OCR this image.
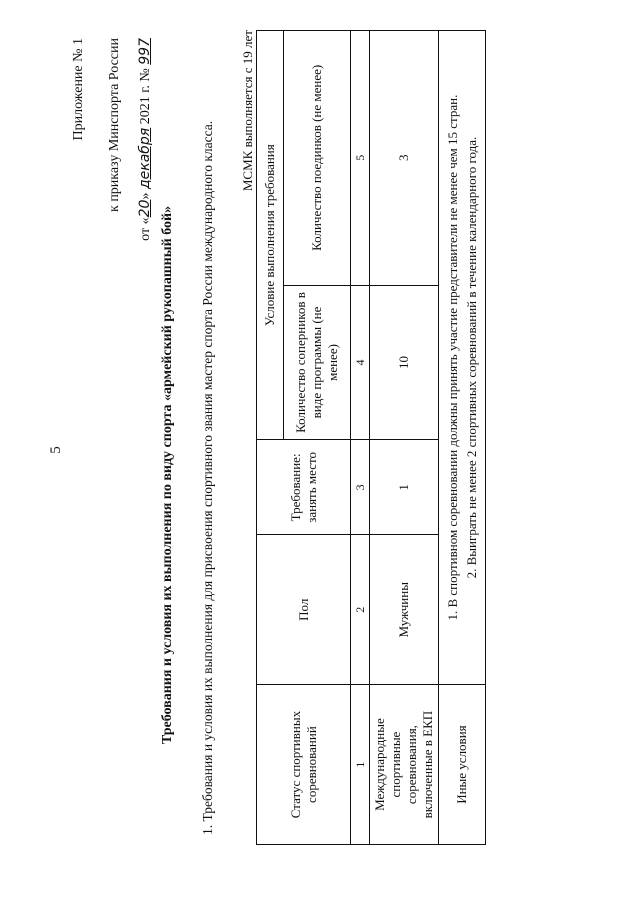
5
Приложение № 1 к приказу Минспорта России
от «20» декабря 2021 г. № 997
Требования и условия их выполнения по виду спорта «армейский рукопашный бой» 1. Требования и условия их выполнения для присвоения спортивного звания мастер спорта России международного класса.
МСМК выполняется с 19 лет
Статус спортивных соревнований	Пол	Требование: занять место	Условие выполнения требования	
			Количество соперников в виде программы (не менее)	Количество поединков (не менее)
1	2	3	4	5
Международные спортивные соревнования, включенные в ЕКП	Мужчины	1	10	3
Иные условия	1. В спортивном соревновании должны принять участие представители не менее чем 15 стран. 2. Выиграть не менее 2 спортивных соревнований в течение календарного года.			
